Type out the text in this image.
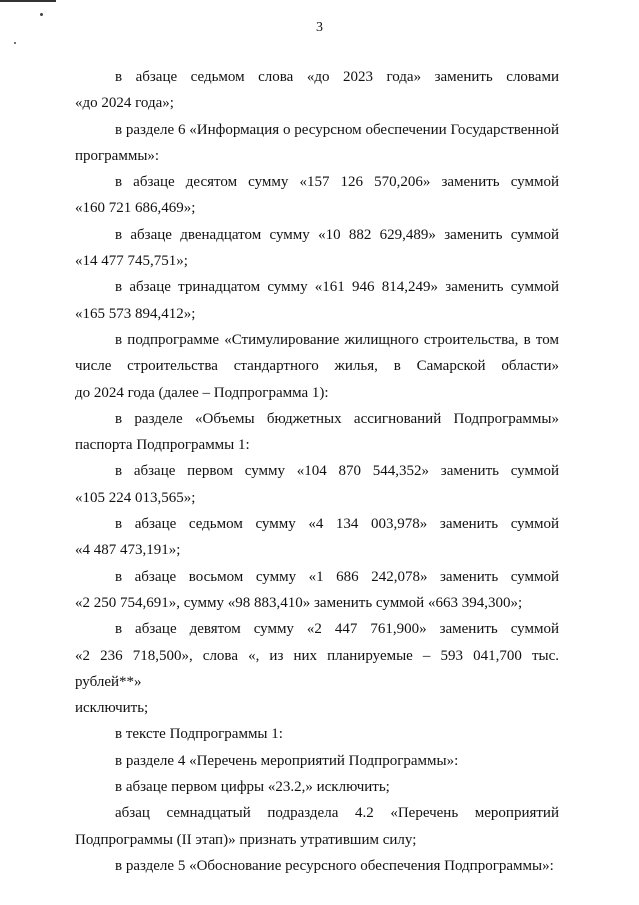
3

в абзаце седьмом слова «до 2023 года» заменить словами
«до 2024 года»;

в разделе 6 «Информация о ресурсном обеспечении Государственной
программы»:

в абзаце десятом сумму «157 126 570,206» заменить суммой
«160 721 686,469»;

в абзаце двенадцатом сумму «10 882 629,489» заменить суммой
«14 477 745,751»;

в абзаце тринадцатом сумму «161 946 814,249» заменить суммой
«165 573 894,412»;

в подпрограмме «Стимулирование жилищного строительства, в том
числе строительства стандартного жилья, в Самарской области»
до 2024 года (далее – Подпрограмма 1):

в разделе «Объемы бюджетных ассигнований Подпрограммы»
паспорта Подпрограммы 1:

в абзаце первом сумму «104 870 544,352» заменить суммой
«105 224 013,565»;

в абзаце седьмом сумму «4 134 003,978» заменить суммой
«4 487 473,191»;

в абзаце восьмом сумму «1 686 242,078» заменить суммой
«2 250 754,691», сумму «98 883,410» заменить суммой «663 394,300»;

в абзаце девятом сумму «2 447 761,900» заменить суммой
«2 236 718,500», слова «, из них планируемые – 593 041,700 тыс. рублей**»
исключить;

в тексте Подпрограммы 1:

в разделе 4 «Перечень мероприятий Подпрограммы»:

в абзаце первом цифры «23.2,» исключить;

абзац семнадцатый подраздела 4.2 «Перечень мероприятий
Подпрограммы (II этап)» признать утратившим силу;

в разделе 5 «Обоснование ресурсного обеспечения Подпрограммы»:
